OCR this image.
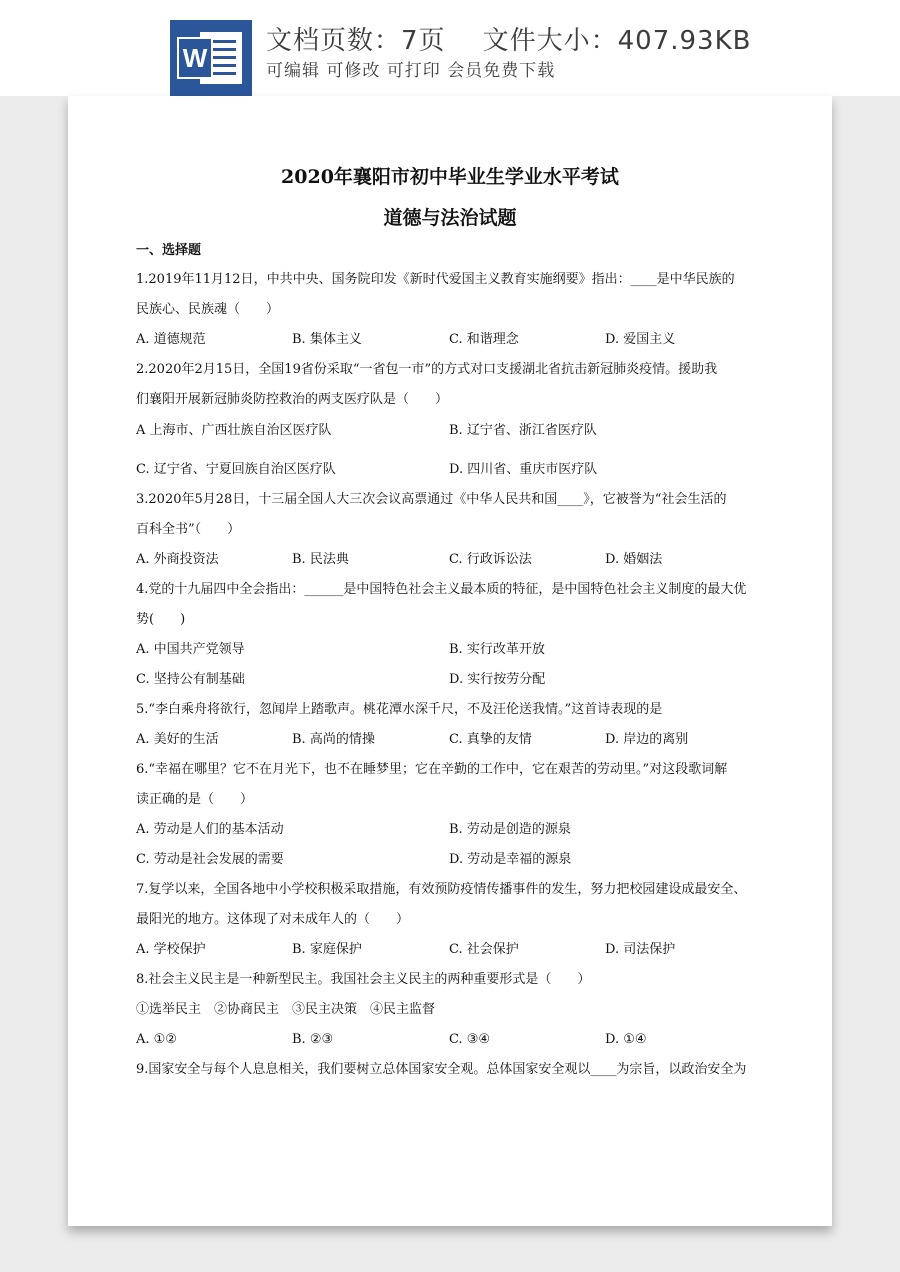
W
文档页数：7页 文件大小：407.93KB
可编辑 可修改 可打印 会员免费下载
2020年襄阳市初中毕业生学业水平考试
道德与法治试题
一、选择题
1.2019年11月12日，中共中央、国务院印发《新时代爱国主义教育实施纲要》指出：____是中华民族的
民族心、民族魂（　　）
A. 道德规范	B. 集体主义	C. 和谐理念	D. 爱国主义
2.2020年2月15日，全国19省份采取“一省包一市”的方式对口支援湖北省抗击新冠肺炎疫情。援助我
们襄阳开展新冠肺炎防控救治的两支医疗队是（　　）
A 上海市、广西壮族自治区医疗队	B. 辽宁省、浙江省医疗队
C. 辽宁省、宁夏回族自治区医疗队	D. 四川省、重庆市医疗队
3.2020年5月28日，十三届全国人大三次会议高票通过《中华人民共和国____》，它被誉为“社会生活的
百科全书”（　　）
A. 外商投资法	B. 民法典	C. 行政诉讼法	D. 婚姻法
4.党的十九届四中全会指出：______是中国特色社会主义最本质的特征，是中国特色社会主义制度的最大优
势(　　)
A. 中国共产党领导	B. 实行改革开放
C. 坚持公有制基础	D. 实行按劳分配
5.“李白乘舟将欲行，忽闻岸上踏歌声。桃花潭水深千尺，不及汪伦送我情。”这首诗表现的是
A. 美好的生活	B. 高尚的情操	C. 真挚的友情	D. 岸边的离别
6.“幸福在哪里？它不在月光下，也不在睡梦里；它在辛勤的工作中，它在艰苦的劳动里。”对这段歌词解
读正确的是（　　）
A. 劳动是人们的基本活动	B. 劳动是创造的源泉
C. 劳动是社会发展的需要	D. 劳动是幸福的源泉
7.复学以来，全国各地中小学校积极采取措施，有效预防疫情传播事件的发生，努力把校园建设成最安全、
最阳光的地方。这体现了对未成年人的（　　）
A. 学校保护	B. 家庭保护	C. 社会保护	D. 司法保护
8.社会主义民主是一种新型民主。我国社会主义民主的两种重要形式是（　　）
①选举民主　②协商民主　③民主决策　④民主监督
A. ①②	B. ②③	C. ③④	D. ①④
9.国家安全与每个人息息相关，我们要树立总体国家安全观。总体国家安全观以____为宗旨，以政治安全为
